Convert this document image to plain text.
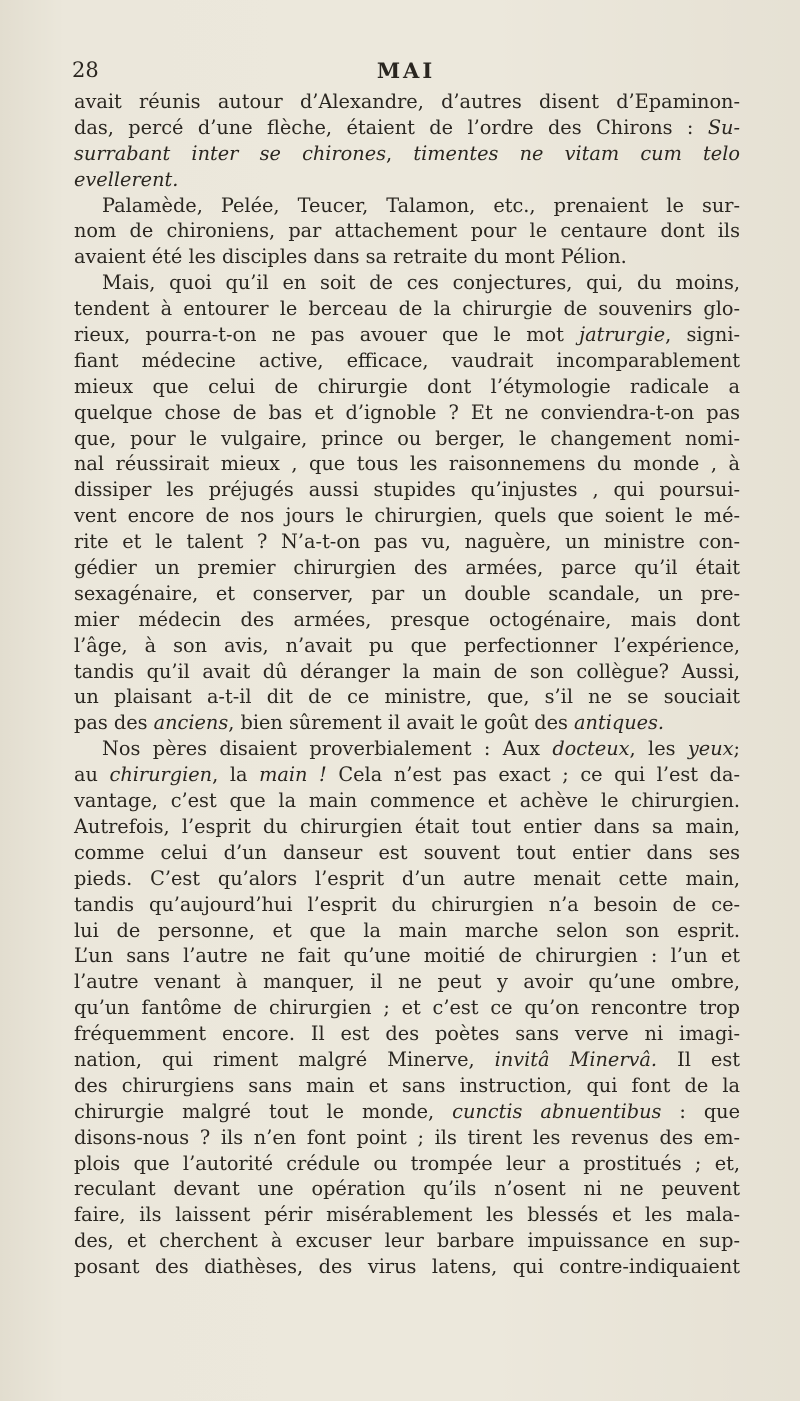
28	MAI
avait réunis autour d’Alexandre, d’autres disent d’Epaminon-
das, percé d’une flèche, étaient de l’ordre des Chirons : Su-
surrabant inter se chirones, timentes ne vitam cum telo
evellerent.
Palamède, Pelée, Teucer, Talamon, etc., prenaient le sur-
nom de chironiens, par attachement pour le centaure dont ils
avaient été les disciples dans sa retraite du mont Pélion.
Mais, quoi qu’il en soit de ces conjectures, qui, du moins,
tendent à entourer le berceau de la chirurgie de souvenirs glo-
rieux, pourra-t-on ne pas avouer que le mot jatrurgie, signi-
fiant médecine active, efficace, vaudrait incomparablement
mieux que celui de chirurgie dont l’étymologie radicale a
quelque chose de bas et d’ignoble ? Et ne conviendra-t-on pas
que, pour le vulgaire, prince ou berger, le changement nomi-
nal réussirait mieux , que tous les raisonnemens du monde , à
dissiper les préjugés aussi stupides qu’injustes , qui poursui-
vent encore de nos jours le chirurgien, quels que soient le mé-
rite et le talent ? N’a-t-on pas vu, naguère, un ministre con-
gédier un premier chirurgien des armées, parce qu’il était
sexagénaire, et conserver, par un double scandale, un pre-
mier médecin des armées, presque octogénaire, mais dont
l’âge, à son avis, n’avait pu que perfectionner l’expérience,
tandis qu’il avait dû déranger la main de son collègue? Aussi,
un plaisant a-t-il dit de ce ministre, que, s’il ne se souciait
pas des anciens, bien sûrement il avait le goût des antiques.
Nos pères disaient proverbialement : Aux docteux, les yeux;
au chirurgien, la main ! Cela n’est pas exact ; ce qui l’est da-
vantage, c’est que la main commence et achève le chirurgien.
Autrefois, l’esprit du chirurgien était tout entier dans sa main,
comme celui d’un danseur est souvent tout entier dans ses
pieds. C’est qu’alors l’esprit d’un autre menait cette main,
tandis qu’aujourd’hui l’esprit du chirurgien n’a besoin de ce-
lui de personne, et que la main marche selon son esprit.
L’un sans l’autre ne fait qu’une moitié de chirurgien : l’un et
l’autre venant à manquer, il ne peut y avoir qu’une ombre,
qu’un fantôme de chirurgien ; et c’est ce qu’on rencontre trop
fréquemment encore. Il est des poètes sans verve ni imagi-
nation, qui riment malgré Minerve, invitâ Minervâ. Il est
des chirurgiens sans main et sans instruction, qui font de la
chirurgie malgré tout le monde, cunctis abnuentibus : que
disons-nous ? ils n’en font point ; ils tirent les revenus des em-
plois que l’autorité crédule ou trompée leur a prostitués ; et,
reculant devant une opération qu’ils n’osent ni ne peuvent
faire, ils laissent périr misérablement les blessés et les mala-
des, et cherchent à excuser leur barbare impuissance en sup-
posant des diathèses, des virus latens, qui contre-indiquaient
